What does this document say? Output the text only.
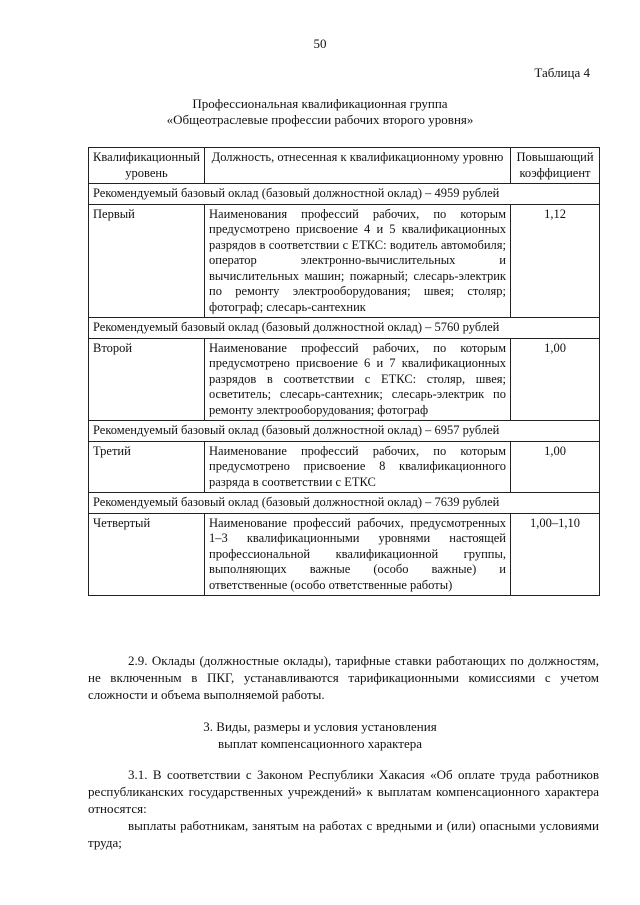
50
Таблица 4
Профессиональная квалификационная группа
«Общеотраслевые профессии рабочих второго уровня»
Квалификационный уровень	Должность, отнесенная к квалификационному уровню	Повышающий коэффициент
Рекомендуемый базовый оклад (базовый должностной оклад) – 4959 рублей		
Первый	Наименования профессий рабочих, по которым предусмотрено присвоение 4 и 5 квалификационных разрядов в соответствии с ЕТКС: водитель автомобиля; оператор электронно-вычислительных и вычислительных машин; пожарный; слесарь-электрик по ремонту электрооборудования; швея; столяр; фотограф; слесарь-сантехник	1,12
Рекомендуемый базовый оклад (базовый должностной оклад) – 5760 рублей		
Второй	Наименование профессий рабочих, по которым предусмотрено присвоение 6 и 7 квалификационных разрядов в соответствии с ЕТКС: столяр, швея; осветитель; слесарь-сантехник; слесарь-электрик по ремонту электрооборудования; фотограф	1,00
Рекомендуемый базовый оклад (базовый должностной оклад) – 6957 рублей		
Третий	Наименование профессий рабочих, по которым предусмотрено присвоение 8 квалификационного разряда в соответствии с ЕТКС	1,00
Рекомендуемый базовый оклад (базовый должностной оклад) – 7639 рублей		
Четвертый	Наименование профессий рабочих, предусмотренных 1–3 квалификационными уровнями настоящей профессиональной квалификационной группы, выполняющих важные (особо важные) и ответственные (особо ответственные работы)	1,00–1,10
2.9. Оклады (должностные оклады), тарифные ставки работающих по должностям, не включенным в ПКГ, устанавливаются тарификационными комиссиями с учетом сложности и объема выполняемой работы.
3. Виды, размеры и условия установления
выплат компенсационного характера
3.1. В соответствии с Законом Республики Хакасия «Об оплате труда работников республиканских государственных учреждений» к выплатам компенсационного характера относятся:
выплаты работникам, занятым на работах с вредными и (или) опасными условиями труда;
